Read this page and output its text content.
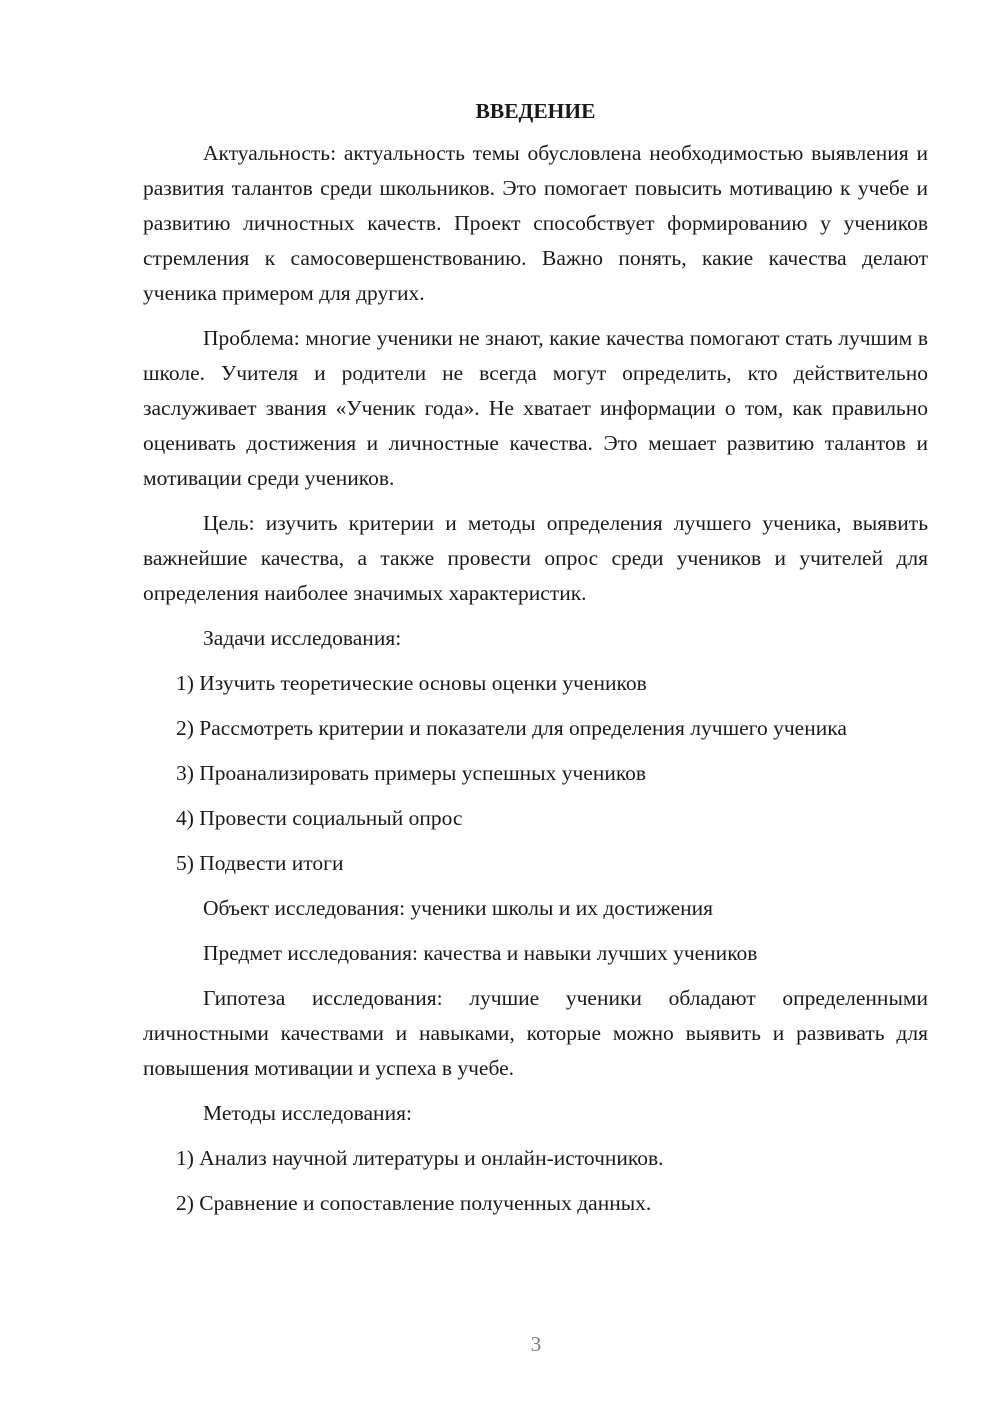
ВВЕДЕНИЕ

Актуальность: актуальность темы обусловлена необходимостью выявления и развития талантов среди школьников. Это помогает повысить мотивацию к учебе и развитию личностных качеств. Проект способствует формированию у учеников стремления к самосовершенствованию. Важно понять, какие качества делают ученика примером для других.

Проблема: многие ученики не знают, какие качества помогают стать лучшим в школе. Учителя и родители не всегда могут определить, кто действительно заслуживает звания «Ученик года». Не хватает информации о том, как правильно оценивать достижения и личностные качества. Это мешает развитию талантов и мотивации среди учеников.

Цель: изучить критерии и методы определения лучшего ученика, выявить важнейшие качества, а также провести опрос среди учеников и учителей для определения наиболее значимых характеристик.

Задачи исследования:

1) Изучить теоретические основы оценки учеников

2) Рассмотреть критерии и показатели для определения лучшего ученика

3) Проанализировать примеры успешных учеников

4) Провести социальный опрос

5) Подвести итоги

Объект исследования: ученики школы и их достижения

Предмет исследования: качества и навыки лучших учеников

Гипотеза исследования: лучшие ученики обладают определенными личностными качествами и навыками, которые можно выявить и развивать для повышения мотивации и успеха в учебе.

Методы исследования:

1) Анализ научной литературы и онлайн-источников.

2) Сравнение и сопоставление полученных данных.

3
